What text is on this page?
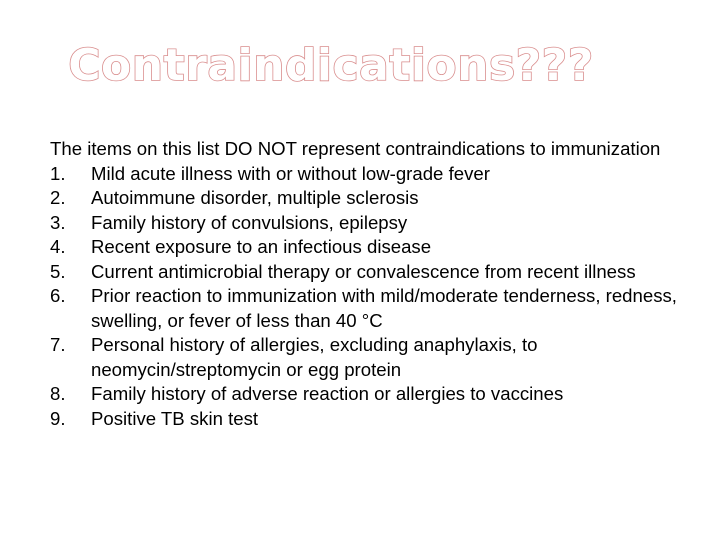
Contraindications???

The items on this list DO NOT represent contraindications to immunization

1. Mild acute illness with or without low-grade fever
2. Autoimmune disorder, multiple sclerosis
3. Family history of convulsions, epilepsy
4. Recent exposure to an infectious disease
5. Current antimicrobial therapy or convalescence from recent illness
6. Prior reaction to immunization with mild/moderate tenderness, redness, swelling, or fever of less than 40 °C
7. Personal history of allergies, excluding anaphylaxis, to neomycin/streptomycin or egg protein
8. Family history of adverse reaction or allergies to vaccines
9. Positive TB skin test
